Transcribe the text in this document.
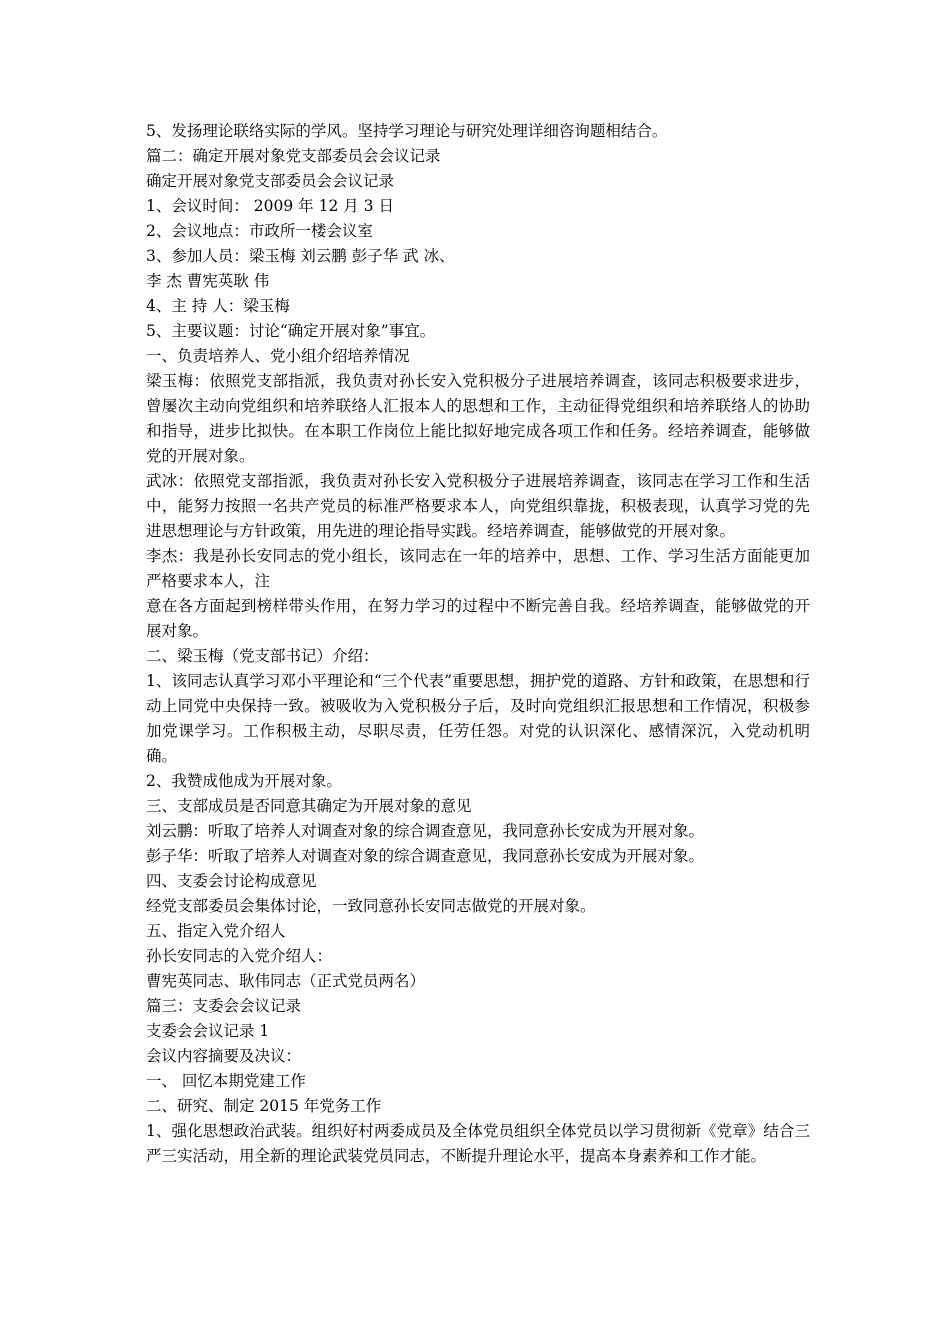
5、发扬理论联络实际的学风。坚持学习理论与研究处理详细咨询题相结合。

篇二：确定开展对象党支部委员会会议记录

确定开展对象党支部委员会会议记录

1、会议时间： 2009 年 12 月 3 日

2、会议地点：市政所一楼会议室

3、参加人员：梁玉梅 刘云鹏 彭子华 武 冰、

李 杰 曹宪英耿 伟

4、主 持 人：梁玉梅

5、主要议题：讨论“确定开展对象”事宜。

一、负责培养人、党小组介绍培养情况

梁玉梅：依照党支部指派，我负责对孙长安入党积极分子进展培养调查，该同志积极要求进步，曾屡次主动向党组织和培养联络人汇报本人的思想和工作，主动征得党组织和培养联络人的协助和指导，进步比拟快。在本职工作岗位上能比拟好地完成各项工作和任务。经培养调查，能够做党的开展对象。

武冰：依照党支部指派，我负责对孙长安入党积极分子进展培养调查，该同志在学习工作和生活中，能努力按照一名共产党员的标准严格要求本人，向党组织靠拢，积极表现，认真学习党的先进思想理论与方针政策，用先进的理论指导实践。经培养调查，能够做党的开展对象。

李杰：我是孙长安同志的党小组长，该同志在一年的培养中，思想、工作、学习生活方面能更加严格要求本人，注

意在各方面起到榜样带头作用，在努力学习的过程中不断完善自我。经培养调查，能够做党的开展对象。

二、梁玉梅（党支部书记）介绍：

1、该同志认真学习邓小平理论和“三个代表”重要思想，拥护党的道路、方针和政策，在思想和行动上同党中央保持一致。被吸收为入党积极分子后，及时向党组织汇报思想和工作情况，积极参加党课学习。工作积极主动，尽职尽责，任劳任怨。对党的认识深化、感情深沉，入党动机明确。

2、我赞成他成为开展对象。

三、支部成员是否同意其确定为开展对象的意见

刘云鹏：听取了培养人对调查对象的综合调查意见，我同意孙长安成为开展对象。

彭子华：听取了培养人对调查对象的综合调查意见，我同意孙长安成为开展对象。

四、支委会讨论构成意见

经党支部委员会集体讨论，一致同意孙长安同志做党的开展对象。

五、指定入党介绍人

孙长安同志的入党介绍人：

曹宪英同志、耿伟同志（正式党员两名）

篇三：支委会会议记录

支委会会议记录 1

会议内容摘要及决议：

一、 回忆本期党建工作

二、研究、制定 2015 年党务工作

1、强化思想政治武装。组织好村两委成员及全体党员组织全体党员以学习贯彻新《党章》结合三严三实活动，用全新的理论武装党员同志，不断提升理论水平，提高本身素养和工作才能。
